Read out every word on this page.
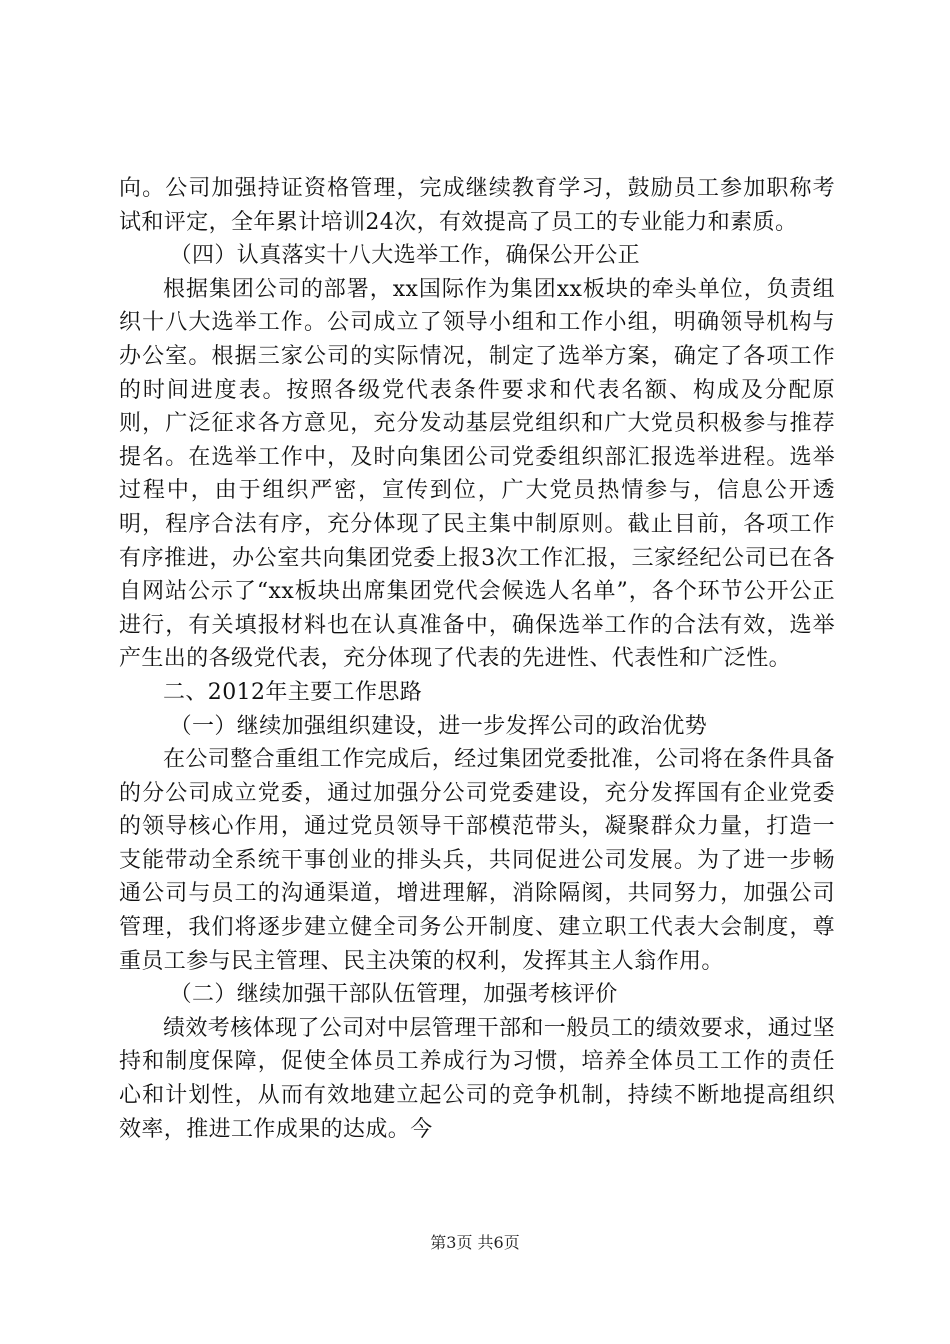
向。公司加强持证资格管理，完成继续教育学习，鼓励员工参加职称考试和评定，全年累计培训24次，有效提高了员工的专业能力和素质。

（四）认真落实十八大选举工作，确保公开公正

根据集团公司的部署，xx国际作为集团xx板块的牵头单位，负责组织十八大选举工作。公司成立了领导小组和工作小组，明确领导机构与办公室。根据三家公司的实际情况，制定了选举方案，确定了各项工作的时间进度表。按照各级党代表条件要求和代表名额、构成及分配原则，广泛征求各方意见，充分发动基层党组织和广大党员积极参与推荐提名。在选举工作中，及时向集团公司党委组织部汇报选举进程。选举过程中，由于组织严密，宣传到位，广大党员热情参与，信息公开透明，程序合法有序，充分体现了民主集中制原则。截止目前，各项工作有序推进，办公室共向集团党委上报3次工作汇报，三家经纪公司已在各自网站公示了“xx板块出席集团党代会候选人名单”，各个环节公开公正进行，有关填报材料也在认真准备中，确保选举工作的合法有效，选举产生出的各级党代表，充分体现了代表的先进性、代表性和广泛性。

二、2012年主要工作思路

（一）继续加强组织建设，进一步发挥公司的政治优势

在公司整合重组工作完成后，经过集团党委批准，公司将在条件具备的分公司成立党委，通过加强分公司党委建设，充分发挥国有企业党委的领导核心作用，通过党员领导干部模范带头，凝聚群众力量，打造一支能带动全系统干事创业的排头兵，共同促进公司发展。为了进一步畅通公司与员工的沟通渠道，增进理解，消除隔阂，共同努力，加强公司管理，我们将逐步建立健全司务公开制度、建立职工代表大会制度，尊重员工参与民主管理、民主决策的权利，发挥其主人翁作用。

（二）继续加强干部队伍管理，加强考核评价

绩效考核体现了公司对中层管理干部和一般员工的绩效要求，通过坚持和制度保障，促使全体员工养成行为习惯，培养全体员工工作的责任心和计划性，从而有效地建立起公司的竞争机制，持续不断地提高组织效率，推进工作成果的达成。今

第3页 共6页
